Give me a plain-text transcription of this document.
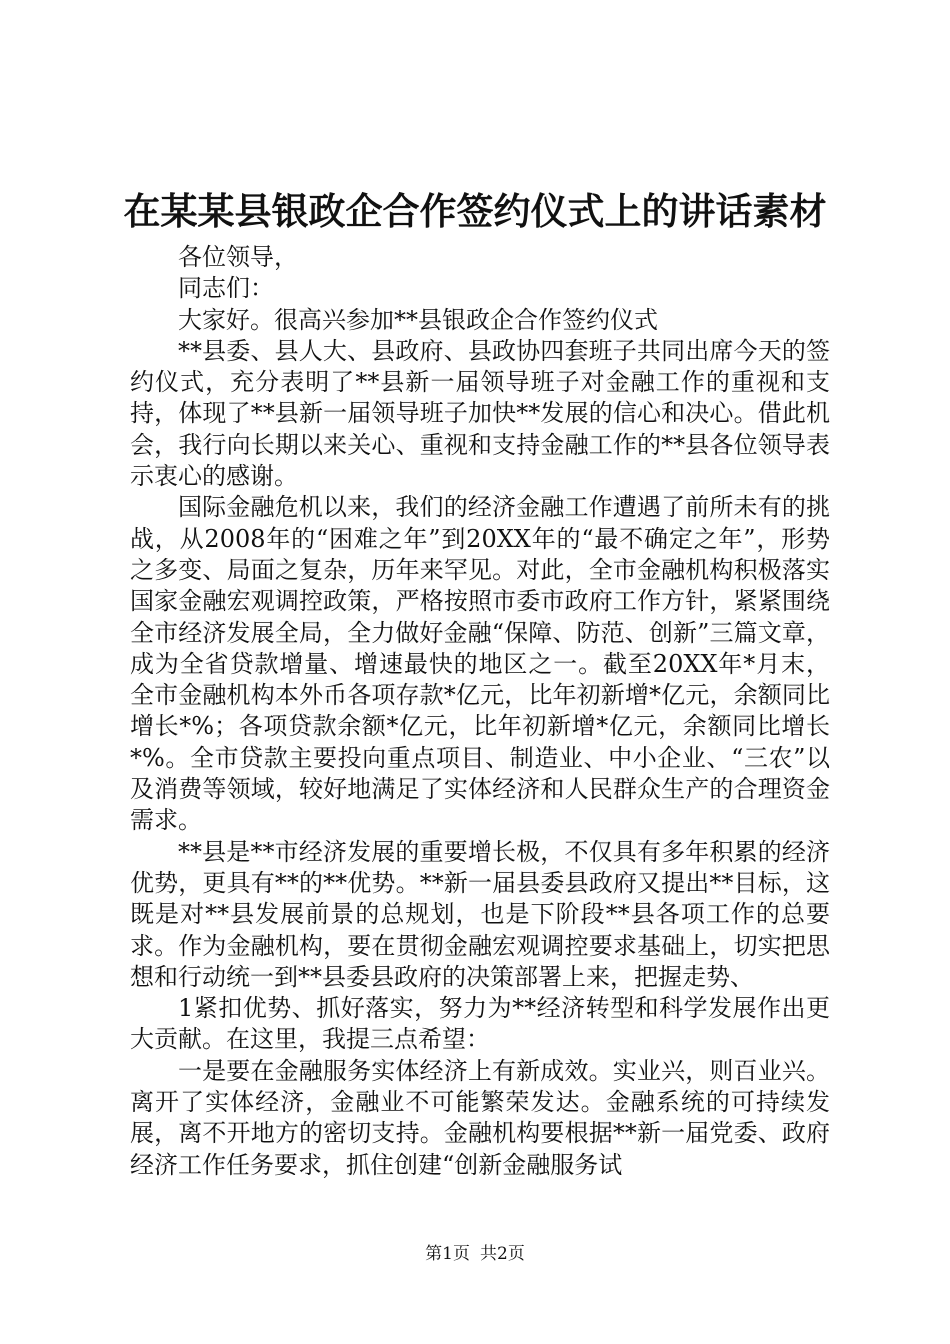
在某某县银政企合作签约仪式上的讲话素材

各位领导，

同志们：

大家好。很高兴参加**县银政企合作签约仪式

**县委、县人大、县政府、县政协四套班子共同出席今天的签约仪式，充分表明了**县新一届领导班子对金融工作的重视和支持，体现了**县新一届领导班子加快**发展的信心和决心。借此机会，我行向长期以来关心、重视和支持金融工作的**县各位领导表示衷心的感谢。

国际金融危机以来，我们的经济金融工作遭遇了前所未有的挑战，从2008年的“困难之年”到20XX年的“最不确定之年”，形势之多变、局面之复杂，历年来罕见。对此，全市金融机构积极落实国家金融宏观调控政策，严格按照市委市政府工作方针，紧紧围绕全市经济发展全局，全力做好金融“保障、防范、创新”三篇文章，成为全省贷款增量、增速最快的地区之一。截至20XX年*月末，全市金融机构本外币各项存款*亿元，比年初新增*亿元，余额同比增长*%；各项贷款余额*亿元，比年初新增*亿元，余额同比增长*%。全市贷款主要投向重点项目、制造业、中小企业、“三农”以及消费等领域，较好地满足了实体经济和人民群众生产的合理资金需求。

**县是**市经济发展的重要增长极，不仅具有多年积累的经济优势，更具有**的**优势。**新一届县委县政府又提出**目标，这既是对**县发展前景的总规划，也是下阶段**县各项工作的总要求。作为金融机构，要在贯彻金融宏观调控要求基础上，切实把思想和行动统一到**县委县政府的决策部署上来，把握走势、

1紧扣优势、抓好落实，努力为**经济转型和科学发展作出更大贡献。在这里，我提三点希望：

一是要在金融服务实体经济上有新成效。实业兴，则百业兴。离开了实体经济，金融业不可能繁荣发达。金融系统的可持续发展，离不开地方的密切支持。金融机构要根据**新一届党委、政府经济工作任务要求，抓住创建“创新金融服务试

第1页 共2页
